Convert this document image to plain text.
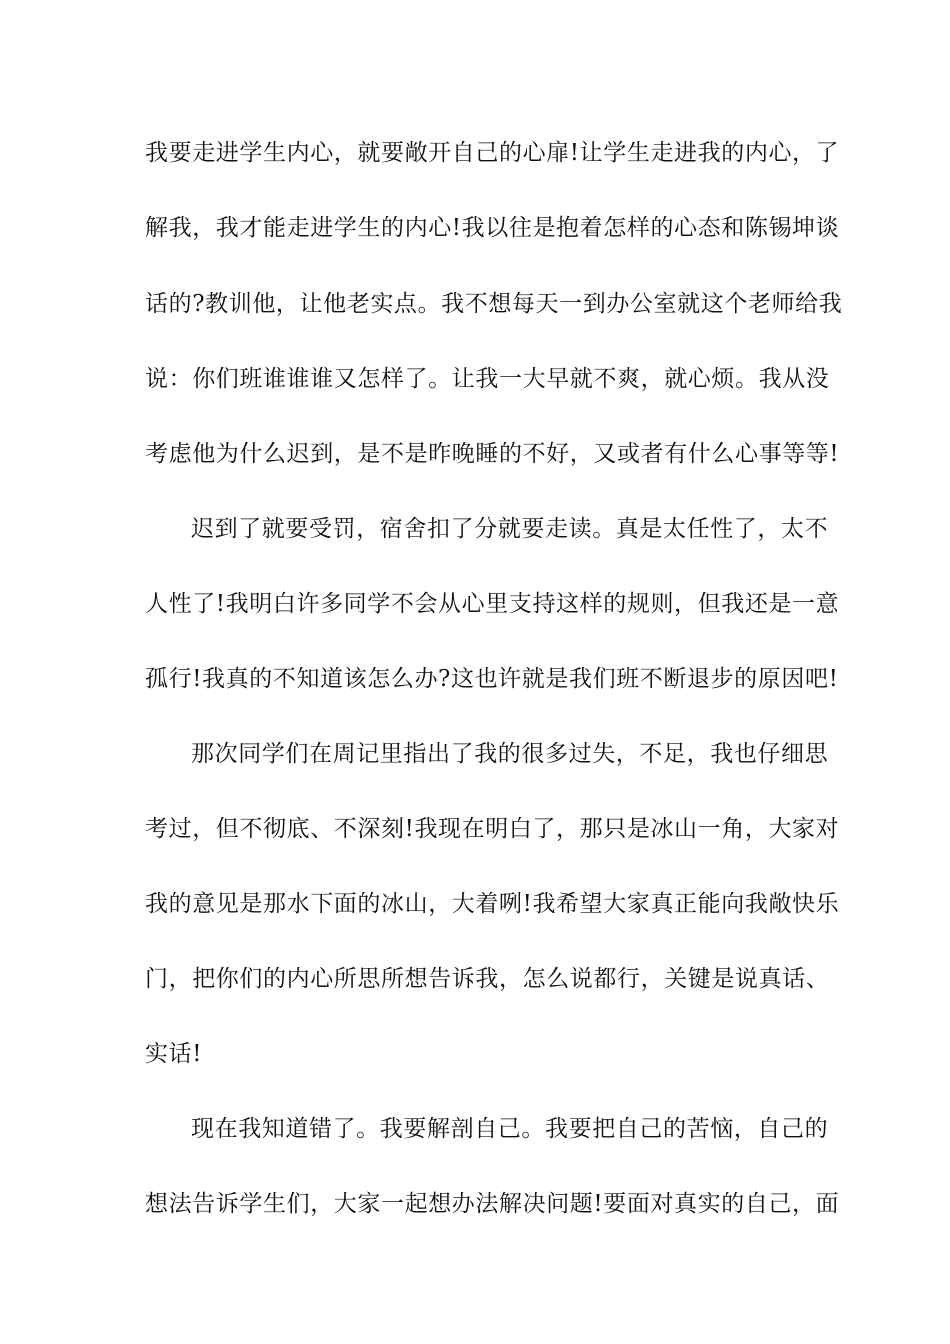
我要走进学生内心，就要敞开自己的心扉!让学生走进我的内心，了
解我，我才能走进学生的内心!我以往是抱着怎样的心态和陈锡坤谈
话的?教训他，让他老实点。我不想每天一到办公室就这个老师给我
说：你们班谁谁谁又怎样了。让我一大早就不爽，就心烦。我从没
考虑他为什么迟到，是不是昨晚睡的不好，又或者有什么心事等等!
迟到了就要受罚，宿舍扣了分就要走读。真是太任性了，太不
人性了!我明白许多同学不会从心里支持这样的规则，但我还是一意
孤行!我真的不知道该怎么办?这也许就是我们班不断退步的原因吧!
那次同学们在周记里指出了我的很多过失，不足，我也仔细思
考过，但不彻底、不深刻!我现在明白了，那只是冰山一角，大家对
我的意见是那水下面的冰山，大着咧!我希望大家真正能向我敞快乐
门，把你们的内心所思所想告诉我，怎么说都行，关键是说真话、
实话!
现在我知道错了。我要解剖自己。我要把自己的苦恼，自己的
想法告诉学生们，大家一起想办法解决问题!要面对真实的自己，面
